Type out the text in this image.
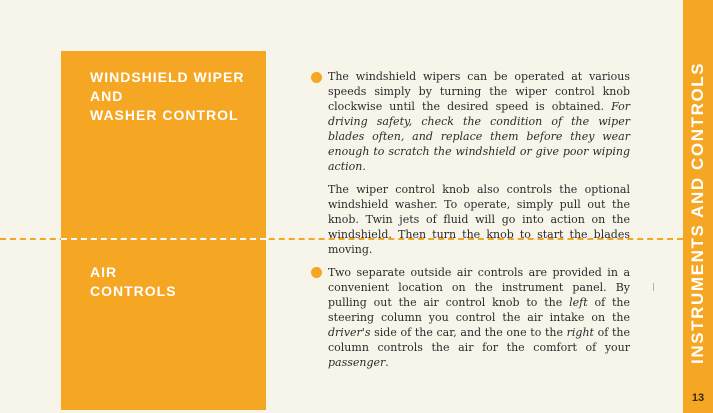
WINDSHIELD WIPER
AND
WASHER CONTROL
AIR
CONTROLS

The windshield wipers can be operated at various speeds simply by turning the wiper control knob clockwise until the desired speed is obtained. For driving safety, check the condition of the wiper blades often, and replace them before they wear enough to scratch the windshield or give poor wiping action.

The wiper control knob also controls the optional windshield washer. To operate, simply pull out the knob. Twin jets of fluid will go into action on the windshield. Then turn the knob to start the blades moving.

Two separate outside air controls are provided in a convenient location on the instrument panel. By pulling out the air control knob to the left of the steering column you control the air intake on the driver's side of the car, and the one to the right of the column controls the air for the comfort of your passenger.	INSTRUMENTS AND CONTROLS
13
